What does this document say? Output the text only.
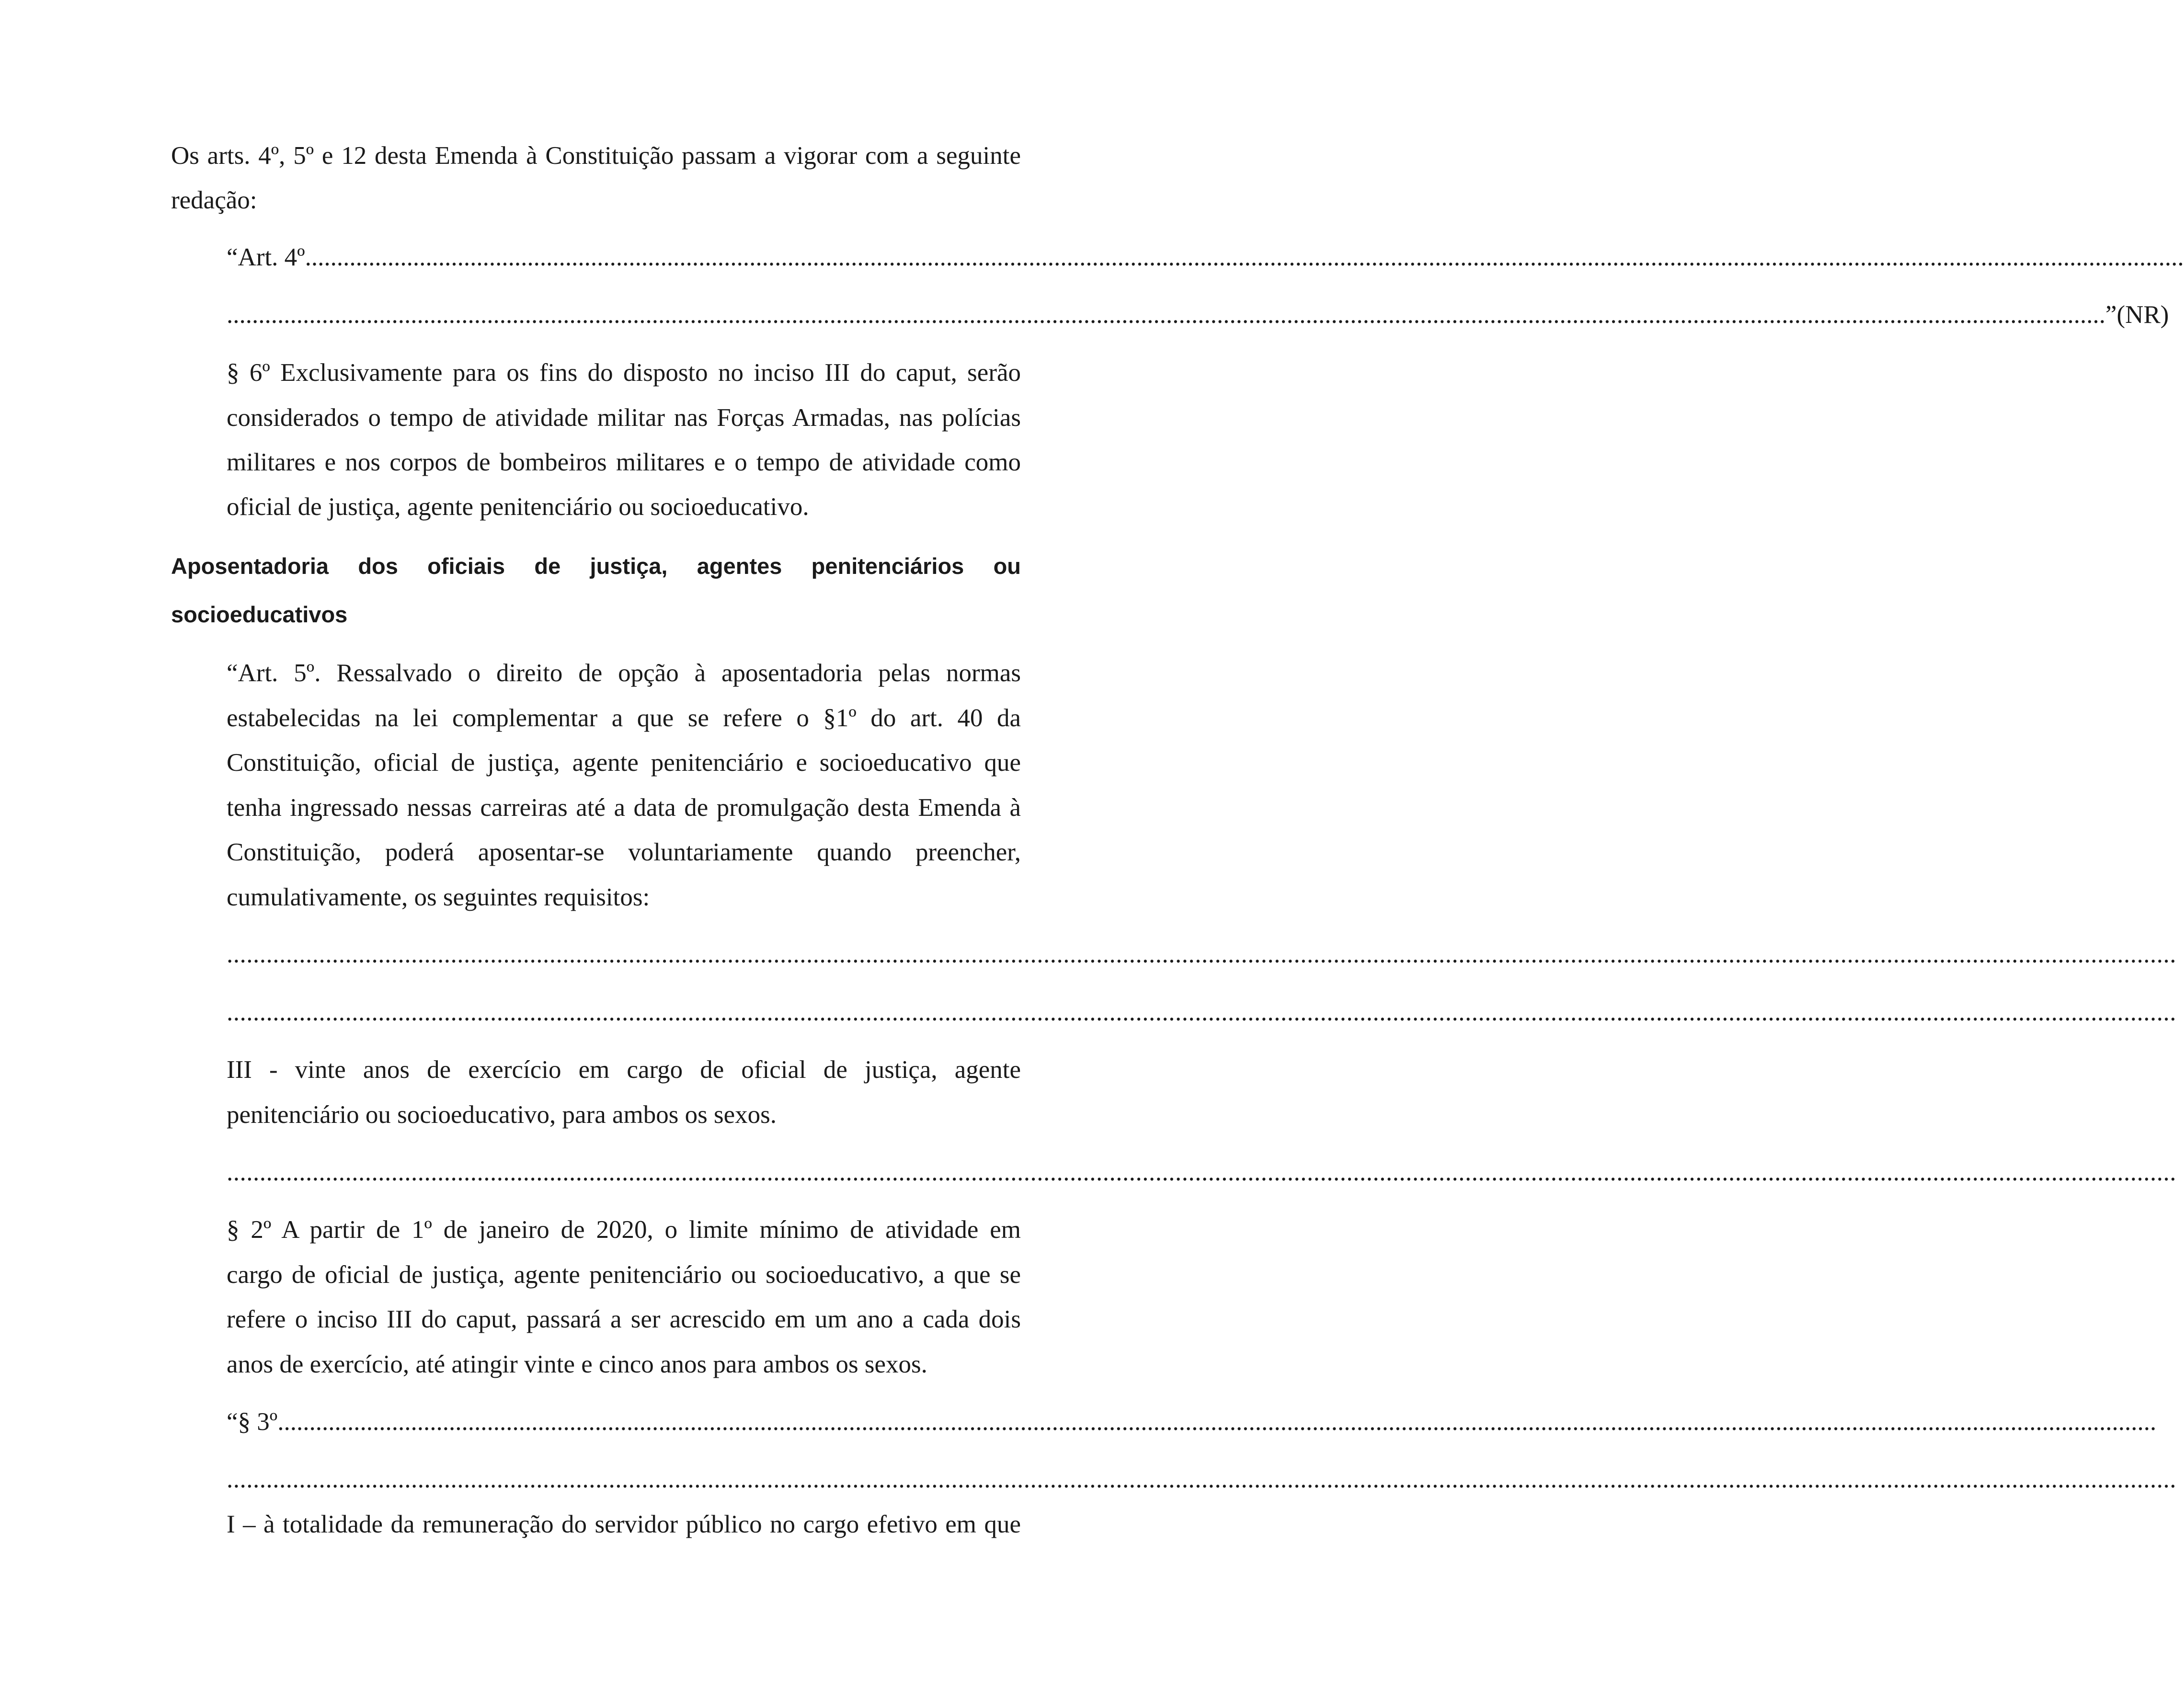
Os arts. 4º, 5º e 12 desta Emenda à Constituição passam a vigorar com a seguinte

redação:

“Art. 4º ........................................................................................................................................................................................................................................................................................................
........................................................................................................................................................................................................................................................................................................ ”(NR)

§ 6º Exclusivamente para os fins do disposto no inciso III do caput, serão

considerados o tempo de atividade militar nas Forças Armadas, nas polícias

militares e nos corpos de bombeiros militares e o tempo de atividade como

oficial de justiça, agente penitenciário ou socioeducativo.

Aposentadoria dos oficiais de justiça, agentes penitenciários ou

socioeducativos

“Art. 5º. Ressalvado o direito de opção à aposentadoria pelas normas

estabelecidas na lei complementar a que se refere o §1º do art. 40 da

Constituição, oficial de justiça, agente penitenciário e socioeducativo que

tenha ingressado nessas carreiras até a data de promulgação desta Emenda à

Constituição, poderá aposentar-se voluntariamente quando preencher,

cumulativamente, os seguintes requisitos:

........................................................................................................................................................................................................................................................................................................

........................................................................................................................................................................................................................................................................................................

III - vinte anos de exercício em cargo de oficial de justiça, agente

penitenciário ou socioeducativo, para ambos os sexos.

........................................................................................................................................................................................................................................................................................................

§ 2º A partir de 1º de janeiro de 2020, o limite mínimo de atividade em

cargo de oficial de justiça, agente penitenciário ou socioeducativo, a que se

refere o inciso III do caput, passará a ser acrescido em um ano a cada dois

anos de exercício, até atingir vinte e cinco anos para ambos os sexos.

“§ 3º ........................................................................................................................................................................................................................................................................................................

........................................................................................................................................................................................................................................................................................................

I – à totalidade da remuneração do servidor público no cargo efetivo em que
